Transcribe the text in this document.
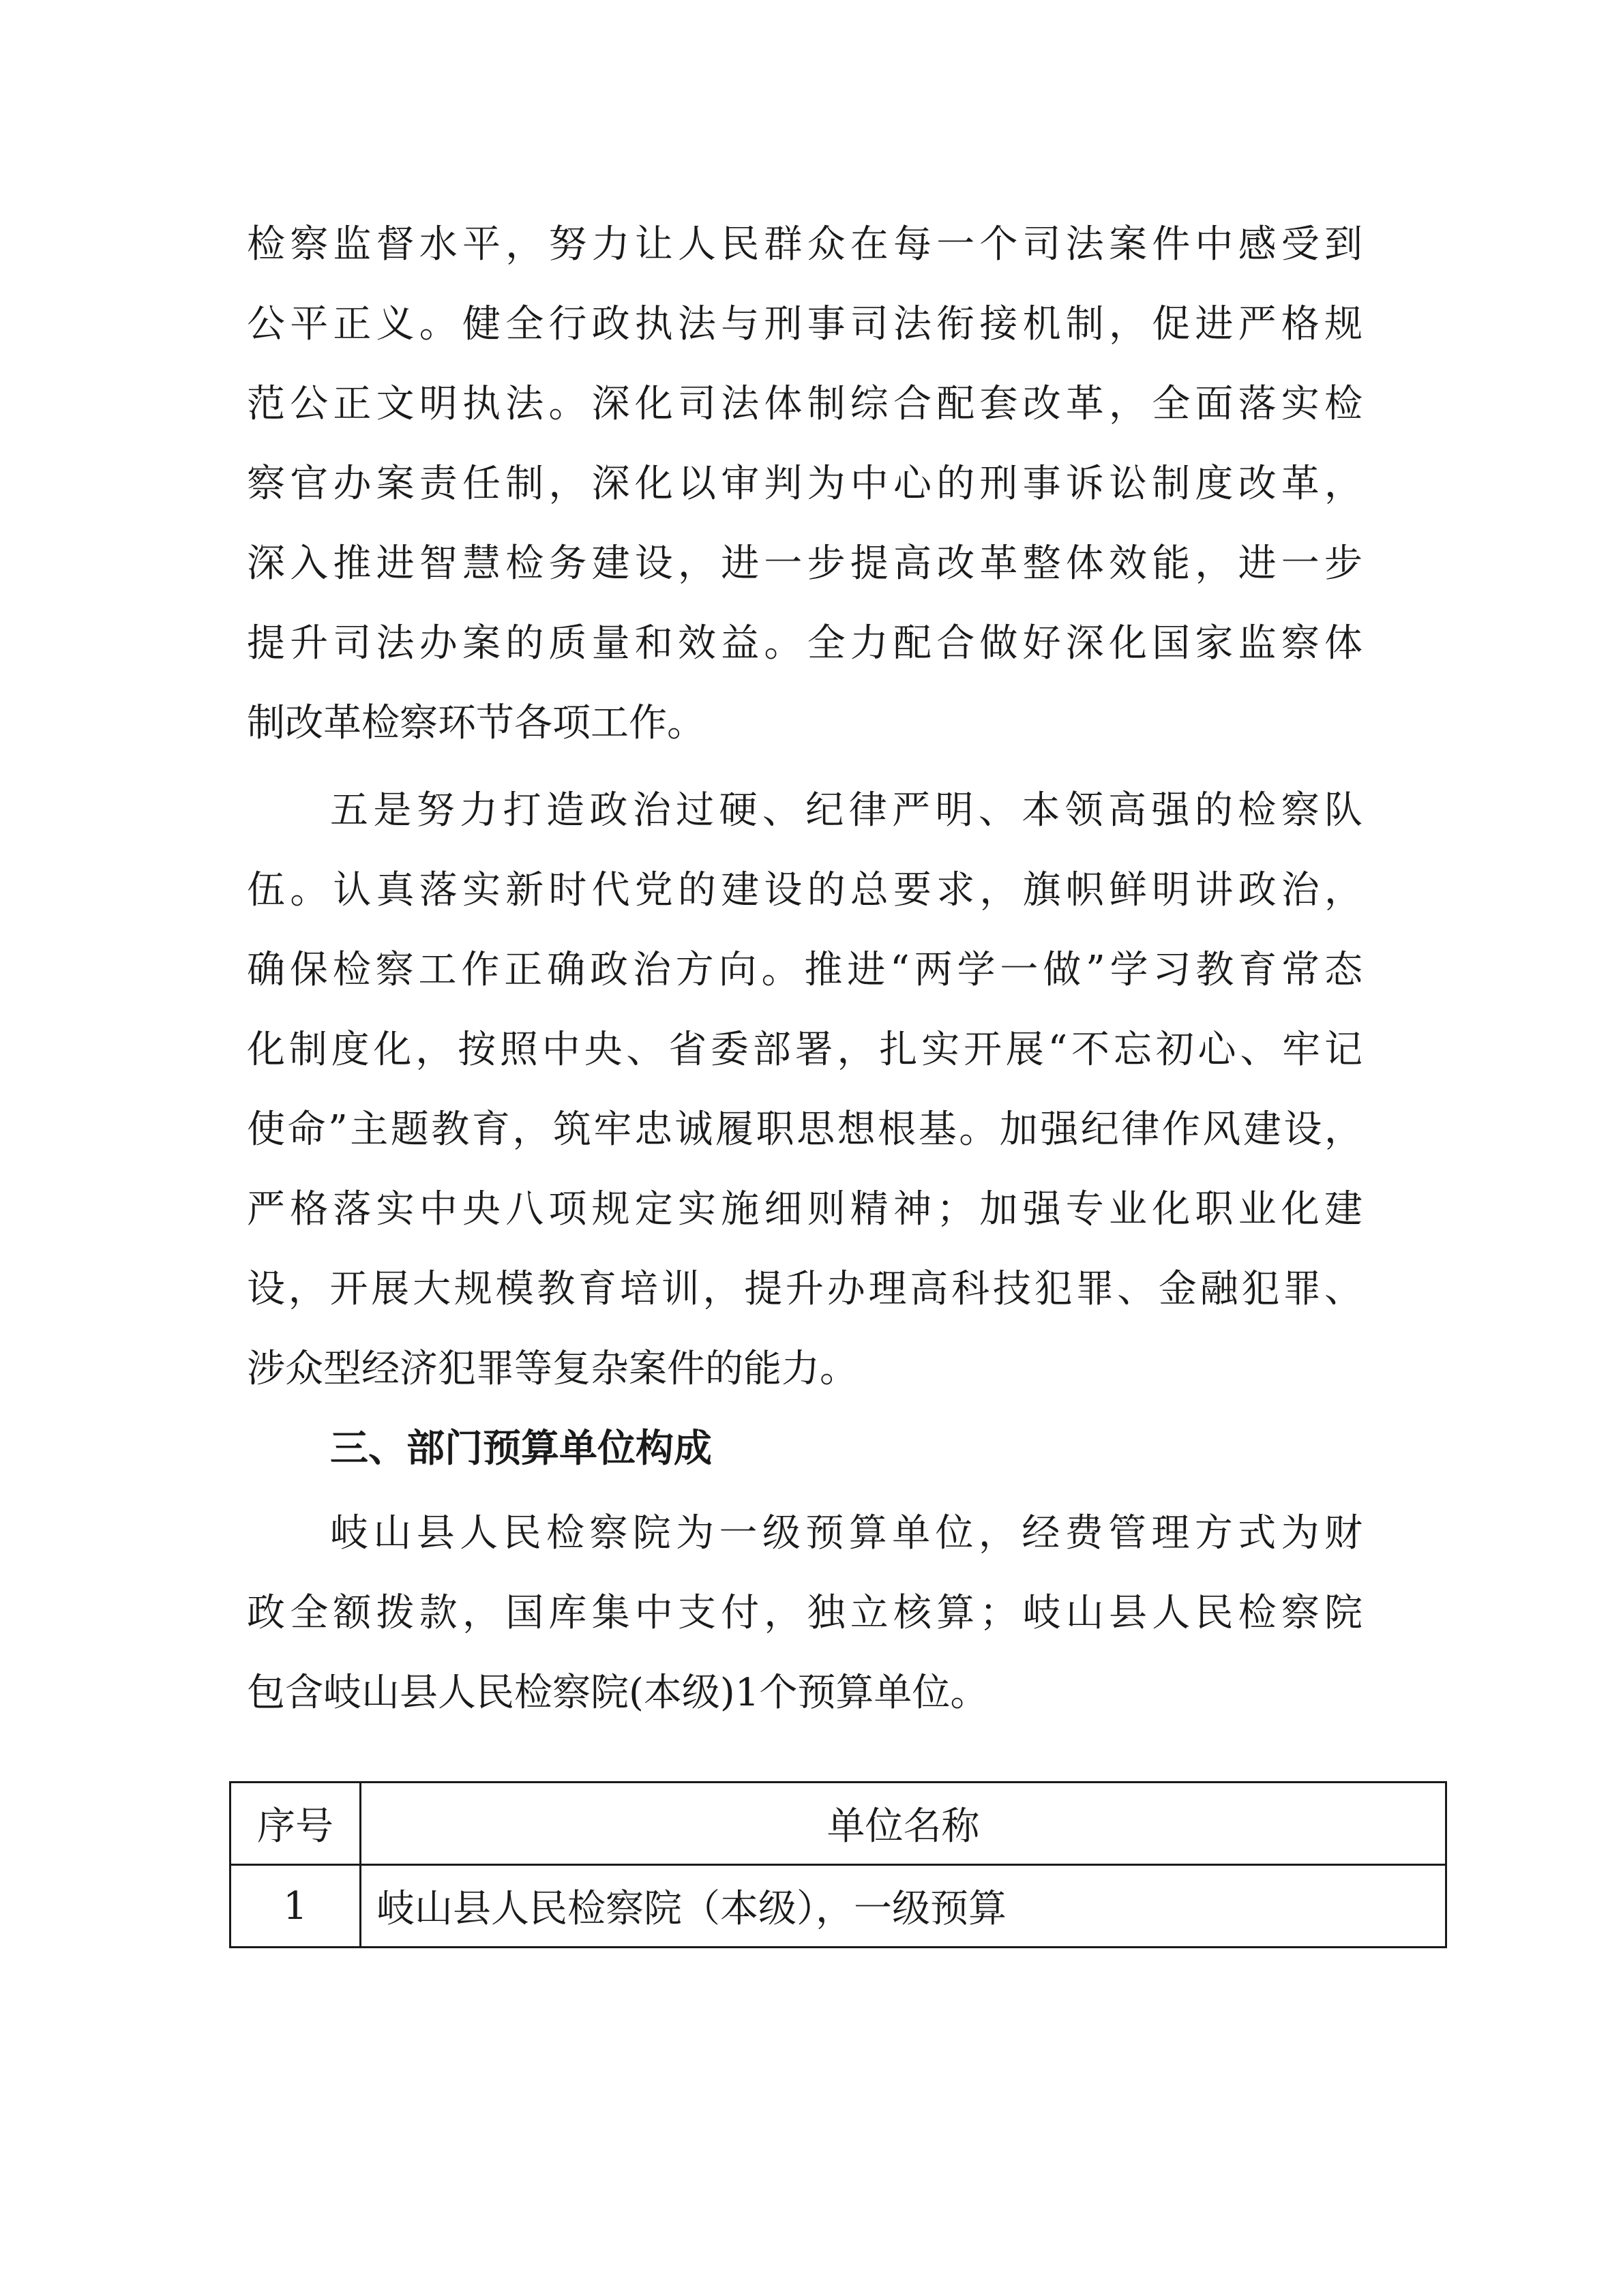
检察监督水平，努力让人民群众在每一个司法案件中感受到
公平正义。健全行政执法与刑事司法衔接机制，促进严格规
范公正文明执法。深化司法体制综合配套改革，全面落实检
察官办案责任制，深化以审判为中心的刑事诉讼制度改革，
深入推进智慧检务建设，进一步提高改革整体效能，进一步
提升司法办案的质量和效益。全力配合做好深化国家监察体
制改革检察环节各项工作。
五是努力打造政治过硬、纪律严明、本领高强的检察队
伍。认真落实新时代党的建设的总要求，旗帜鲜明讲政治，
确保检察工作正确政治方向。推进“两学一做”学习教育常态
化制度化，按照中央、省委部署，扎实开展“不忘初心、牢记
使命”主题教育，筑牢忠诚履职思想根基。加强纪律作风建设，
严格落实中央八项规定实施细则精神；加强专业化职业化建
设，开展大规模教育培训，提升办理高科技犯罪、金融犯罪、
涉众型经济犯罪等复杂案件的能力。
三、部门预算单位构成
岐山县人民检察院为一级预算单位，经费管理方式为财
政全额拨款，国库集中支付，独立核算；岐山县人民检察院
包含岐山县人民检察院(本级)1个预算单位。
序号	单位名称
1	岐山县人民检察院（本级），一级预算
